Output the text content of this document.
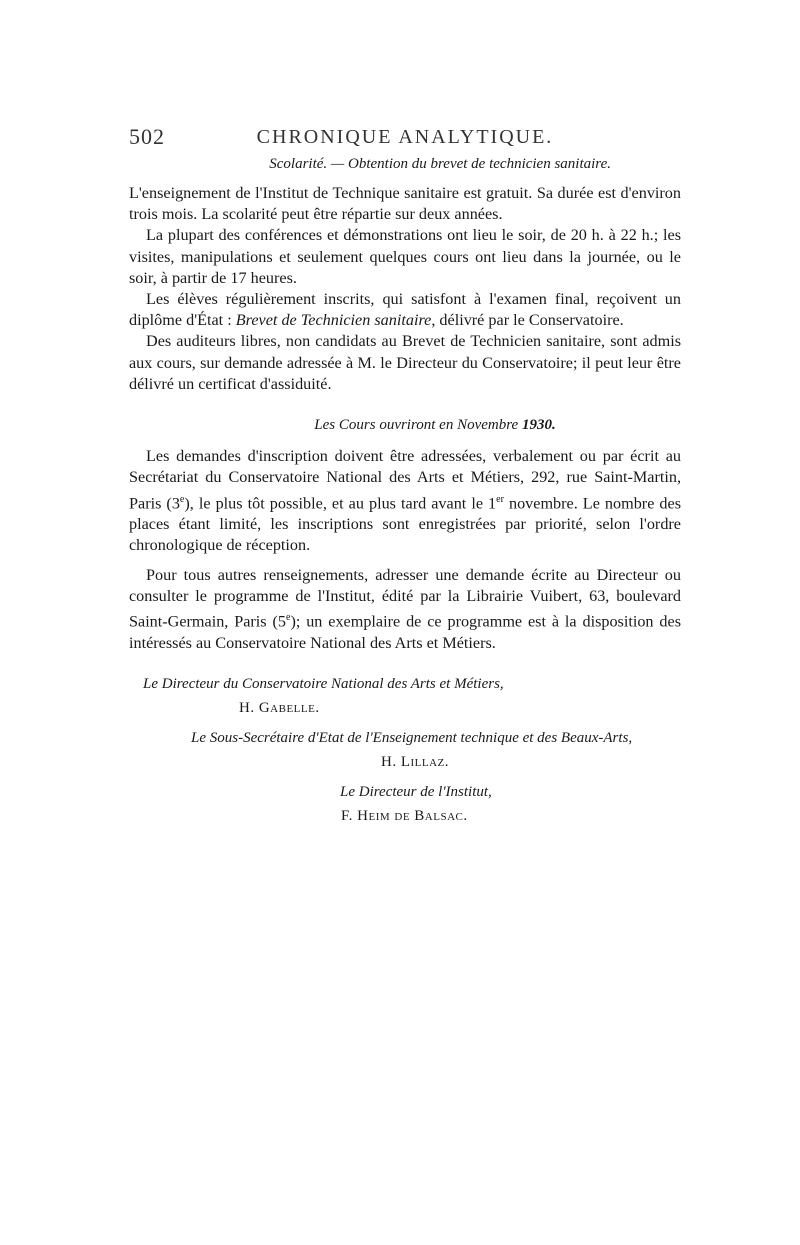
502	CHRONIQUE ANALYTIQUE.
Scolarité. — Obtention du brevet de technicien sanitaire.

L'enseignement de l'Institut de Technique sanitaire est gratuit. Sa durée est d'environ trois mois. La scolarité peut être répartie sur deux années.

La plupart des conférences et démonstrations ont lieu le soir, de 20 h. à 22 h.; les visites, manipulations et seulement quelques cours ont lieu dans la journée, ou le soir, à partir de 17 heures.

Les élèves régulièrement inscrits, qui satisfont à l'examen final, reçoivent un diplôme d'État : Brevet de Technicien sanitaire, délivré par le Conservatoire.

Des auditeurs libres, non candidats au Brevet de Technicien sanitaire, sont admis aux cours, sur demande adressée à M. le Directeur du Conservatoire; il peut leur être délivré un certificat d'assiduité.

Les Cours ouvriront en Novembre 1930.

Les demandes d'inscription doivent être adressées, verbalement ou par écrit au Secrétariat du Conservatoire National des Arts et Métiers, 292, rue Saint-Martin, Paris (3e), le plus tôt possible, et au plus tard avant le 1er novembre. Le nombre des places étant limité, les inscriptions sont enregistrées par priorité, selon l'ordre chronologique de réception.

Pour tous autres renseignements, adresser une demande écrite au Directeur ou consulter le programme de l'Institut, édité par la Librairie Vuibert, 63, boulevard Saint-Germain, Paris (5e); un exemplaire de ce programme est à la disposition des intéressés au Conservatoire National des Arts et Métiers.

Le Directeur du Conservatoire National des Arts et Métiers,
H. Gabelle.
Le Sous-Secrétaire d'Etat de l'Enseignement technique et des Beaux-Arts,
H. Lillaz.
Le Directeur de l'Institut,
F. Heim de Balsac.
